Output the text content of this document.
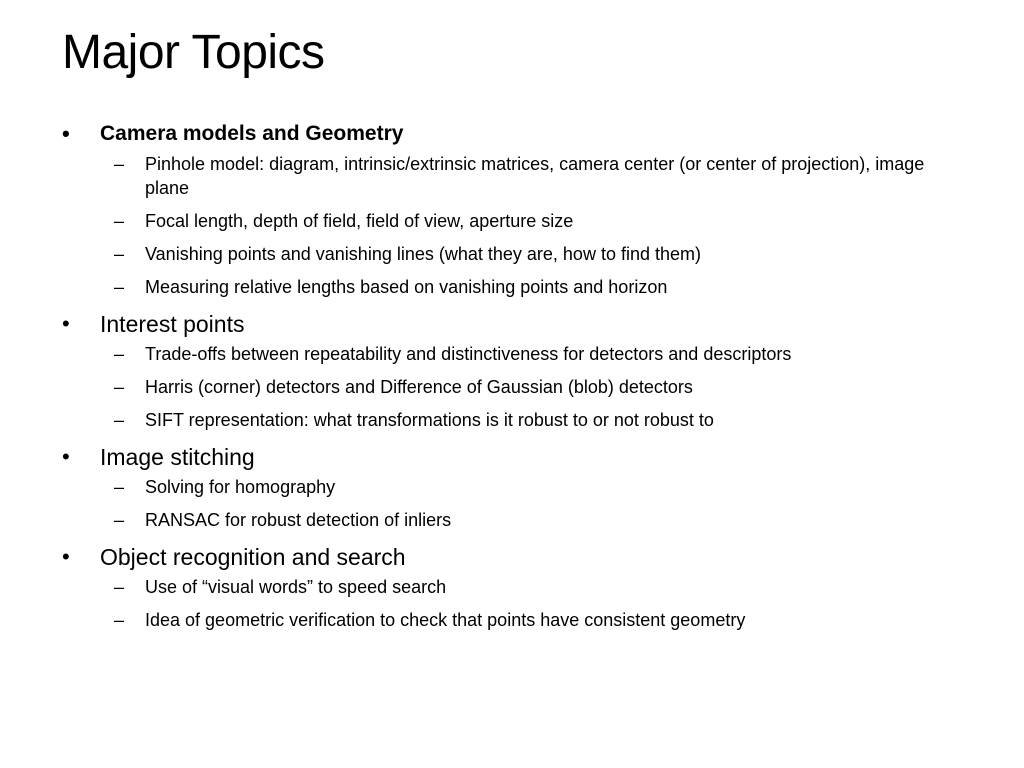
Major Topics
• Camera models and Geometry
– Pinhole model: diagram, intrinsic/extrinsic matrices, camera center (or center of projection), image plane
– Focal length, depth of field, field of view, aperture size
– Vanishing points and vanishing lines (what they are, how to find them)
– Measuring relative lengths based on vanishing points and horizon
• Interest points
– Trade-offs between repeatability and distinctiveness for detectors and descriptors
– Harris (corner) detectors and Difference of Gaussian (blob) detectors
– SIFT representation: what transformations is it robust to or not robust to
• Image stitching
– Solving for homography
– RANSAC for robust detection of inliers
• Object recognition and search
– Use of “visual words” to speed search
– Idea of geometric verification to check that points have consistent geometry
